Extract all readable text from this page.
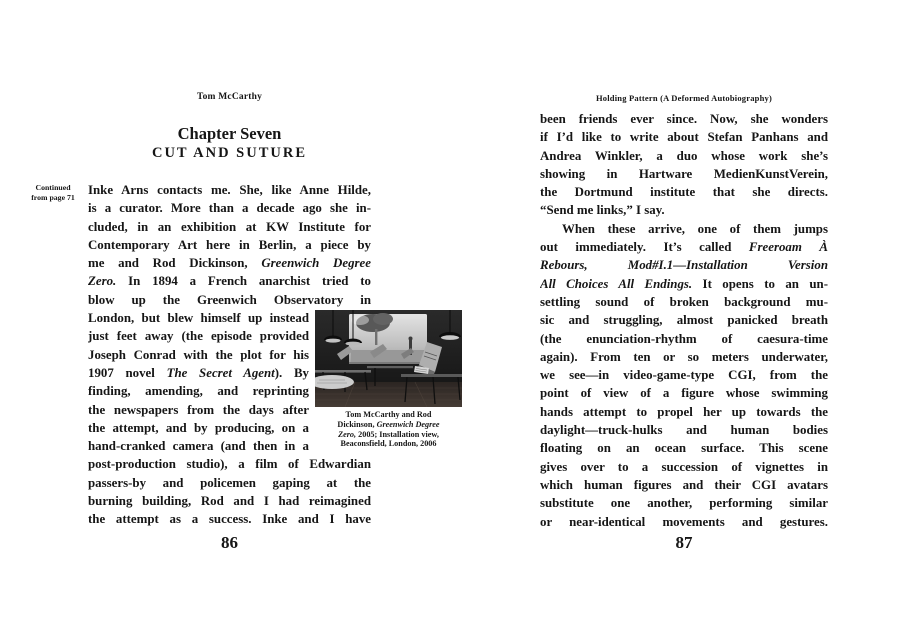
Tom McCarthy	Holding Pattern (A Deformed Autobiography)
Chapter Seven
CUT AND SUTURE
Continued
from page 71
Inke Arns contacts me. She, like Anne Hilde,
is a curator. More than a decade ago she in-
cluded, in an exhibition at KW Institute for
Contemporary Art here in Berlin, a piece by
me and Rod Dickinson, Greenwich Degree
Zero. In 1894 a French anarchist tried to
blow up the Greenwich Observatory in
London, but blew himself up instead
just feet away (the episode provided
Joseph Conrad with the plot for his
1907 novel The Secret Agent). By
finding, amending, and reprinting
the newspapers from the days after
the attempt, and by producing, on a
hand-cranked camera (and then in a
post-production studio), a film of Edwardian
passers-by and policemen gaping at the
burning building, Rod and I had reimagined
the attempt as a success. Inke and I have
Tom McCarthy and Rod
Dickinson, Greenwich Degree
Zero, 2005; Installation view,
Beaconsfield, London, 2006
86
been friends ever since. Now, she wonders
if I’d like to write about Stefan Panhans and
Andrea Winkler, a duo whose work she’s
showing in Hartware MedienKunstVerein,
the Dortmund institute that she directs.
“Send me links,” I say.
When these arrive, one of them jumps
out immediately. It’s called Freeroam À
Rebours, Mod#I.1—Installation Version
All Choices All Endings. It opens to an un-
settling sound of broken background mu-
sic and struggling, almost panicked breath
(the enunciation-rhythm of caesura-time
again). From ten or so meters underwater,
we see—in video-game-type CGI, from the
point of view of a figure whose swimming
hands attempt to propel her up towards the
daylight—truck-hulks and human bodies
floating on an ocean surface. This scene
gives over to a succession of vignettes in
which human figures and their CGI avatars
substitute one another, performing similar
or near-identical movements and gestures.
87
